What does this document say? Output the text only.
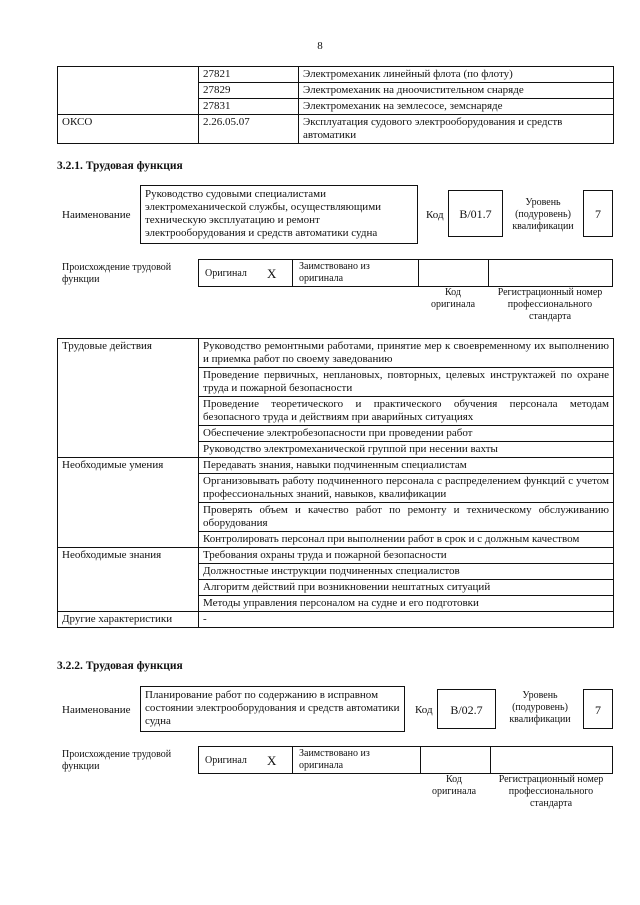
8
	27821	Электромеханик линейный флота (по флоту)
	27829	Электромеханик на дноочистительном снаряде
	27831	Электромеханик на землесосе, земснаряде
ОКСО	2.26.05.07	Эксплуатация судового электрооборудования и средств автоматики
3.2.1. Трудовая функция
Наименование
Руководство судовыми специалистами электромеханической службы, осуществляющими техническую эксплуатацию и ремонт электрооборудования и средств автоматики судна
Код	B/01.7
Уровень (подуровень) квалификации
7
Происхождение трудовой функции
Оригинал X	Заимствовано из оригинала
Код оригинала
Регистрационный номер профессионального стандарта
Трудовые действия	Руководство ремонтными работами, принятие мер к своевременному их выполнению и приемка работ по своему заведованию
	Проведение первичных, неплановых, повторных, целевых инструктажей по охране труда и пожарной безопасности
	Проведение теоретического и практического обучения персонала методам безопасного труда и действиям при аварийных ситуациях
	Обеспечение электробезопасности при проведении работ
	Руководство электромеханической группой при несении вахты
Необходимые умения	Передавать знания, навыки подчиненным специалистам
	Организовывать работу подчиненного персонала с распределением функций с учетом профессиональных знаний, навыков, квалификации
	Проверять объем и качество работ по ремонту и техническому обслуживанию оборудования
	Контролировать персонал при выполнении работ в срок и с должным качеством
Необходимые знания	Требования охраны труда и пожарной безопасности
	Должностные инструкции подчиненных специалистов
	Алгоритм действий при возникновении нештатных ситуаций
	Методы управления персоналом на судне и его подготовки
Другие характеристики	-
3.2.2. Трудовая функция
Наименование
Планирование работ по содержанию в исправном состоянии электрооборудования и средств автоматики судна
Код	B/02.7
Уровень (подуровень) квалификации
7
Происхождение трудовой функции
Оригинал X	Заимствовано из оригинала
Код оригинала
Регистрационный номер профессионального стандарта
